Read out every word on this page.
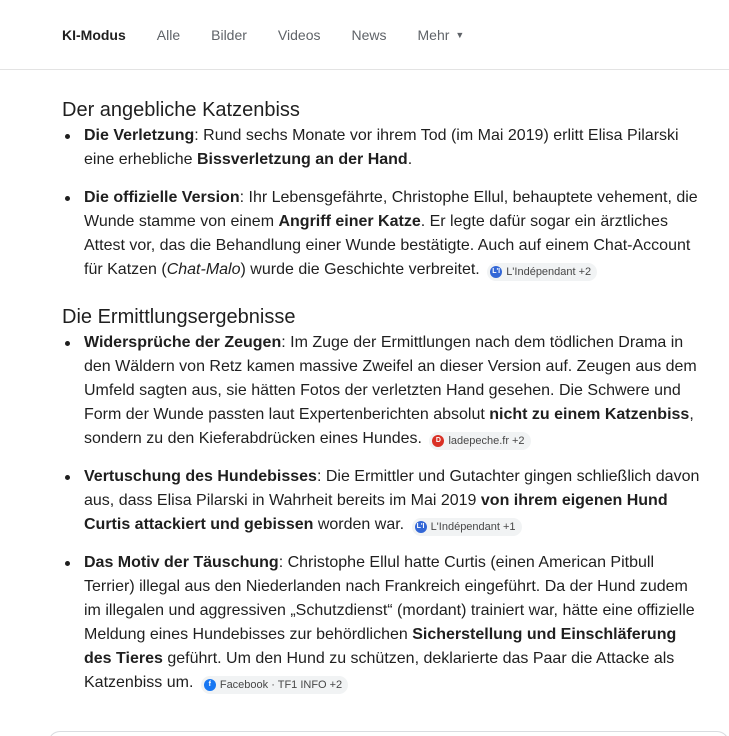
KI-Modus Alle Bilder Videos News Mehr ▼
Der angebliche Katzenbiss
Die Verletzung: Rund sechs Monate vor ihrem Tod (im Mai 2019) erlitt Elisa Pilarski eine erhebliche Bissverletzung an der Hand.
Die offizielle Version: Ihr Lebensgefährte, Christophe Ellul, behauptete vehement, die Wunde stamme von einem Angriff einer Katze. Er legte dafür sogar ein ärztliches Attest vor, das die Behandlung einer Wunde bestätigte. Auch auf einem Chat-Account für Katzen (Chat-Malo) wurde die Geschichte verbreitet. L'I L'Indépendant +2
Die Ermittlungsergebnisse
Widersprüche der Zeugen: Im Zuge der Ermittlungen nach dem tödlichen Drama in den Wäldern von Retz kamen massive Zweifel an dieser Version auf. Zeugen aus dem Umfeld sagten aus, sie hätten Fotos der verletzten Hand gesehen. Die Schwere und Form der Wunde passten laut Expertenberichten absolut nicht zu einem Katzenbiss, sondern zu den Kieferabdrücken eines Hundes.	D ladepeche.fr +2
Vertuschung des Hundebisses: Die Ermittler und Gutachter gingen schließlich davon aus, dass Elisa Pilarski in Wahrheit bereits im Mai 2019 von ihrem eigenen Hund Curtis attackiert und gebissen worden war. L'I L'Indépendant +1
Das Motiv der Täuschung: Christophe Ellul hatte Curtis (einen American Pitbull Terrier) illegal aus den Niederlanden nach Frankreich eingeführt. Da der Hund zudem im illegalen und aggressiven „Schutzdienst“ (mordant) trainiert war, hätte eine offizielle Meldung eines Hundebisses zur behördlichen Sicherstellung und Einschläferung des Tieres geführt. Um den Hund zu schützen, deklarierte das Paar die Attacke als Katzenbiss um.	f Facebook · TF1 INFO +2
